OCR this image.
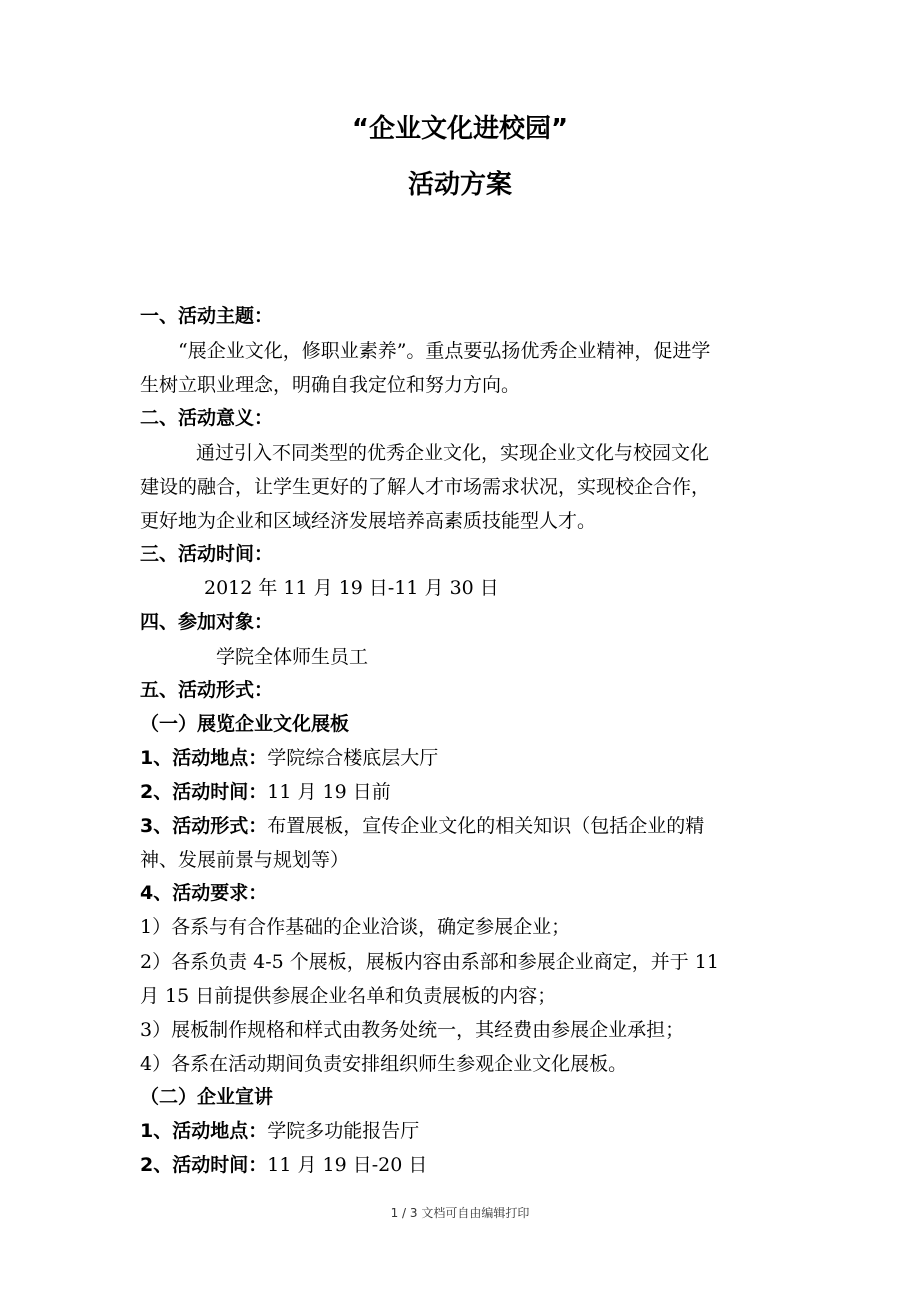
“企业文化进校园”
活动方案
一、活动主题：
“展企业文化，修职业素养”。重点要弘扬优秀企业精神，促进学
生树立职业理念，明确自我定位和努力方向。
二、活动意义：
通过引入不同类型的优秀企业文化，实现企业文化与校园文化
建设的融合，让学生更好的了解人才市场需求状况，实现校企合作，
更好地为企业和区域经济发展培养高素质技能型人才。
三、活动时间：
2012 年 11 月 19 日-11 月 30 日
四、参加对象：
学院全体师生员工
五、活动形式：
（一）展览企业文化展板
1、活动地点：学院综合楼底层大厅
2、活动时间：11 月 19 日前
3、活动形式：布置展板，宣传企业文化的相关知识（包括企业的精
神、发展前景与规划等）
4、活动要求：
1）各系与有合作基础的企业洽谈，确定参展企业；
2）各系负责 4-5 个展板，展板内容由系部和参展企业商定，并于 11
月 15 日前提供参展企业名单和负责展板的内容；
3）展板制作规格和样式由教务处统一，其经费由参展企业承担；
4）各系在活动期间负责安排组织师生参观企业文化展板。
（二）企业宣讲
1、活动地点：学院多功能报告厅
2、活动时间：11 月 19 日-20 日
1 / 3 文档可自由编辑打印
